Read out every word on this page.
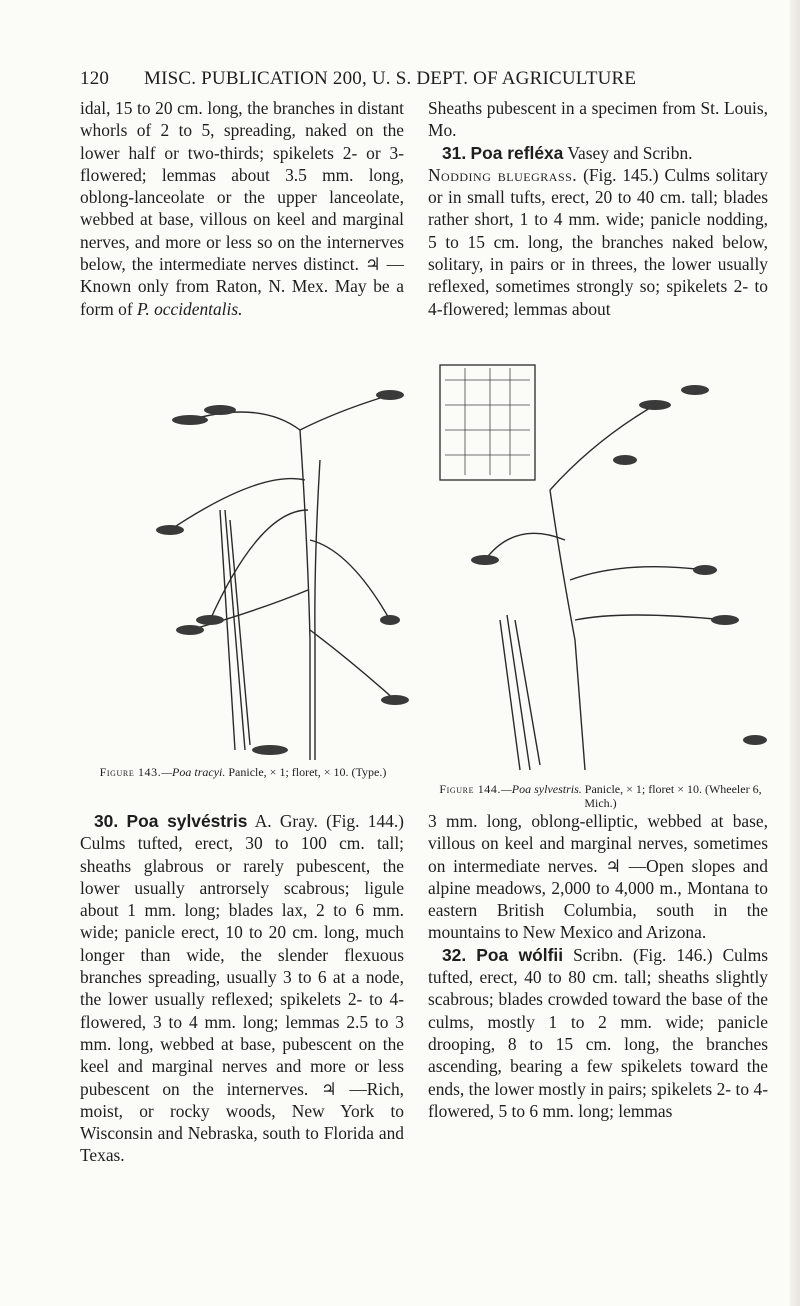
120 MISC. PUBLICATION 200, U. S. DEPT. OF AGRICULTURE

idal, 15 to 20 cm. long, the branches in distant whorls of 2 to 5, spreading, naked on the lower half or two-thirds; spikelets 2- or 3-flowered; lemmas about 3.5 mm. long, oblong-lanceolate or the upper lanceolate, webbed at base, villous on keel and marginal nerves, and more or less so on the internerves below, the intermediate nerves distinct. ♃ — Known only from Raton, N. Mex. May be a form of P. occidentalis.

Sheaths pubescent in a specimen from St. Louis, Mo.

31. Poa refléxa Vasey and Scribn.
Nodding bluegrass. (Fig. 145.) Culms solitary or in small tufts, erect, 20 to 40 cm. tall; blades rather short, 1 to 4 mm. wide; panicle nodding, 5 to 15 cm. long, the branches naked below, solitary, in pairs or in threes, the lower usually reflexed, sometimes strongly so; spikelets 2- to 4-flowered; lemmas about

Figure 143.—Poa tracyi. Panicle, × 1; floret, × 10. (Type.)
Figure 144.—Poa sylvestris. Panicle, × 1; floret × 10. (Wheeler 6, Mich.)

30. Poa sylvéstris A. Gray. (Fig. 144.) Culms tufted, erect, 30 to 100 cm. tall; sheaths glabrous or rarely pubescent, the lower usually antrorsely scabrous; ligule about 1 mm. long; blades lax, 2 to 6 mm. wide; panicle erect, 10 to 20 cm. long, much longer than wide, the slender flexuous branches spreading, usually 3 to 6 at a node, the lower usually reflexed; spikelets 2- to 4-flowered, 3 to 4 mm. long; lemmas 2.5 to 3 mm. long, webbed at base, pubescent on the keel and marginal nerves and more or less pubescent on the internerves. ♃ —Rich, moist, or rocky woods, New York to Wisconsin and Nebraska, south to Florida and Texas.

3 mm. long, oblong-elliptic, webbed at base, villous on keel and marginal nerves, sometimes on intermediate nerves. ♃ —Open slopes and alpine meadows, 2,000 to 4,000 m., Montana to eastern British Columbia, south in the mountains to New Mexico and Arizona.

32. Poa wólfii Scribn. (Fig. 146.) Culms tufted, erect, 40 to 80 cm. tall; sheaths slightly scabrous; blades crowded toward the base of the culms, mostly 1 to 2 mm. wide; panicle drooping, 8 to 15 cm. long, the branches ascending, bearing a few spikelets toward the ends, the lower mostly in pairs; spikelets 2- to 4-flowered, 5 to 6 mm. long; lemmas
